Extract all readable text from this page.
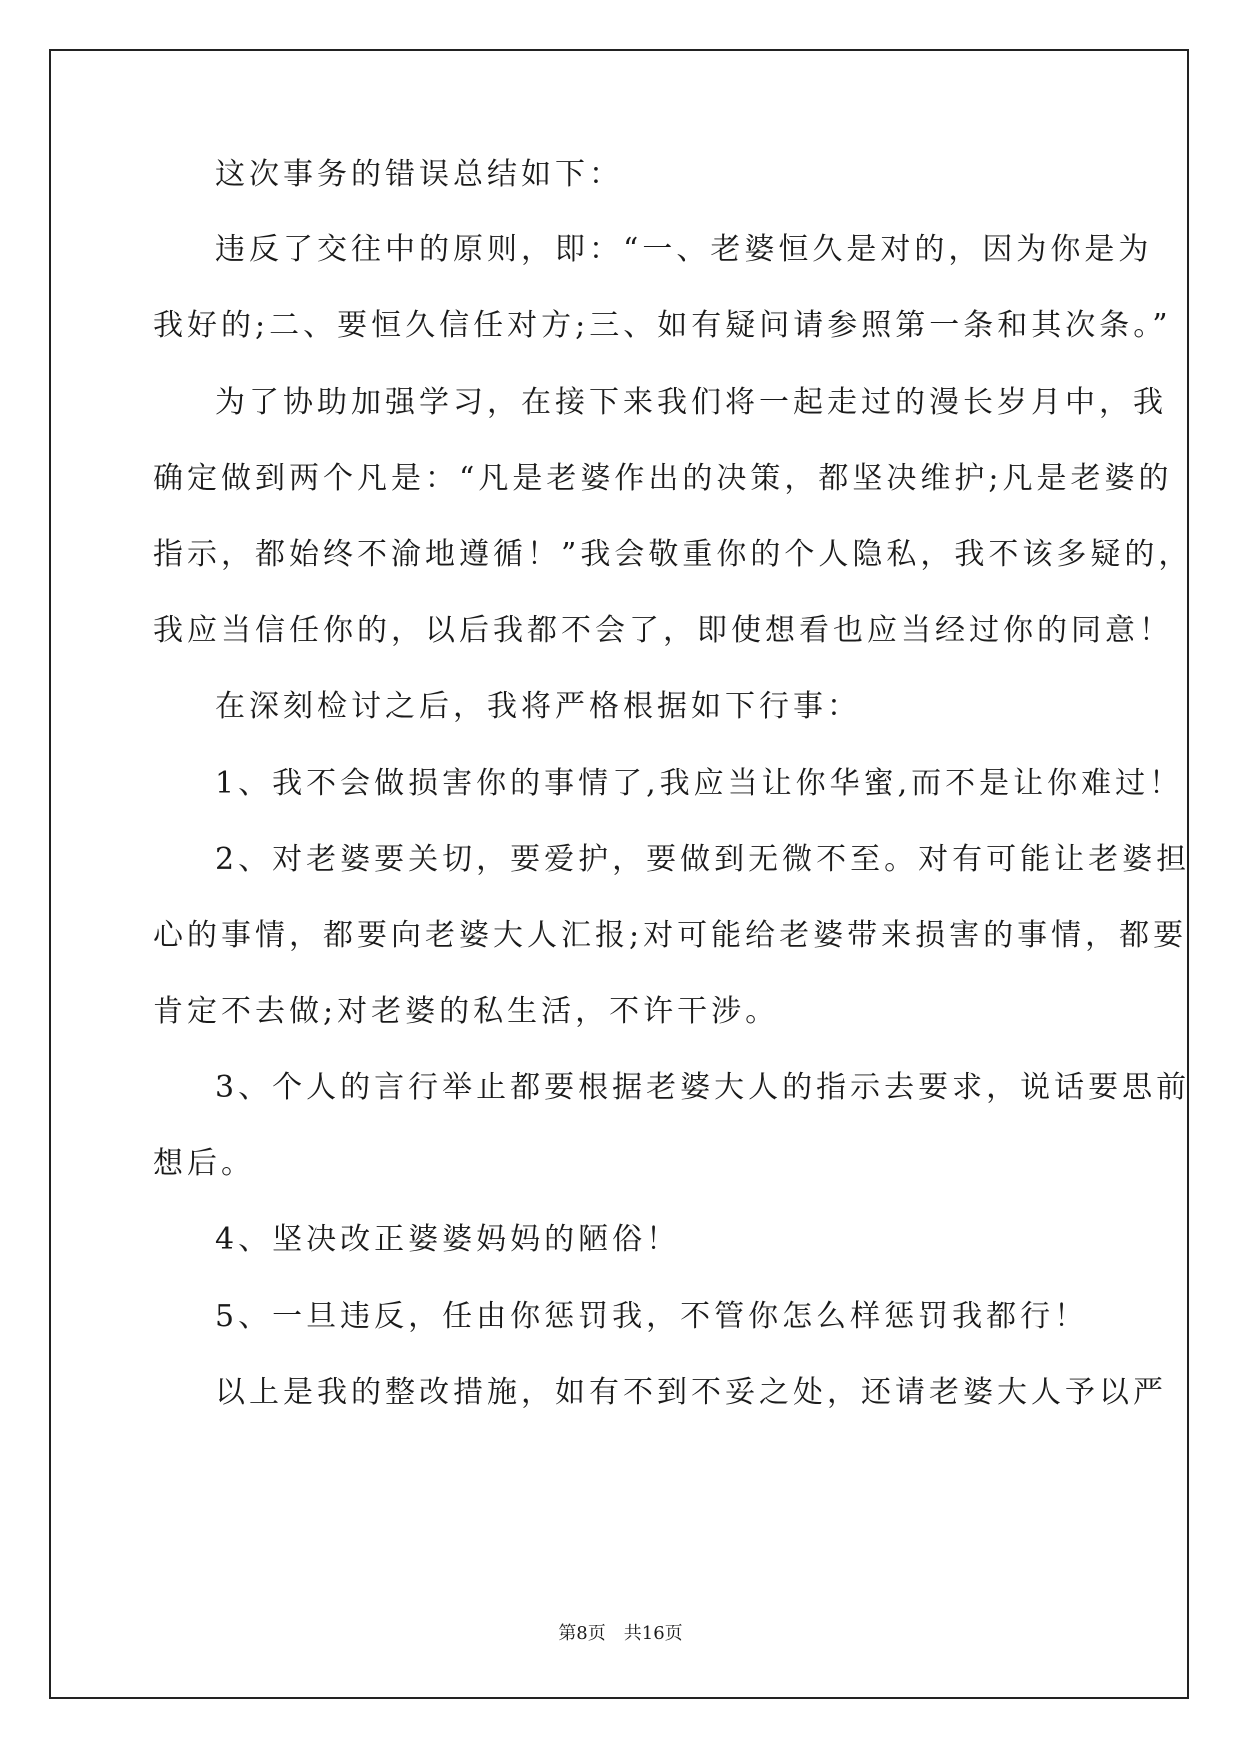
这次事务的错误总结如下：
违反了交往中的原则，即：“一、老婆恒久是对的，因为你是为
我好的;二、要恒久信任对方;三、如有疑问请参照第一条和其次条。”
为了协助加强学习，在接下来我们将一起走过的漫长岁月中，我
确定做到两个凡是：“凡是老婆作出的决策，都坚决维护;凡是老婆的
指示，都始终不渝地遵循！”我会敬重你的个人隐私，我不该多疑的，
我应当信任你的，以后我都不会了，即使想看也应当经过你的同意！
在深刻检讨之后，我将严格根据如下行事：
1、我不会做损害你的事情了,我应当让你华蜜,而不是让你难过！
2、对老婆要关切，要爱护，要做到无微不至。对有可能让老婆担
心的事情，都要向老婆大人汇报;对可能给老婆带来损害的事情，都要
肯定不去做;对老婆的私生活，不许干涉。
3、个人的言行举止都要根据老婆大人的指示去要求，说话要思前
想后。
4、坚决改正婆婆妈妈的陋俗！
5、一旦违反，任由你惩罚我，不管你怎么样惩罚我都行！
以上是我的整改措施，如有不到不妥之处，还请老婆大人予以严
第8页 共16页
